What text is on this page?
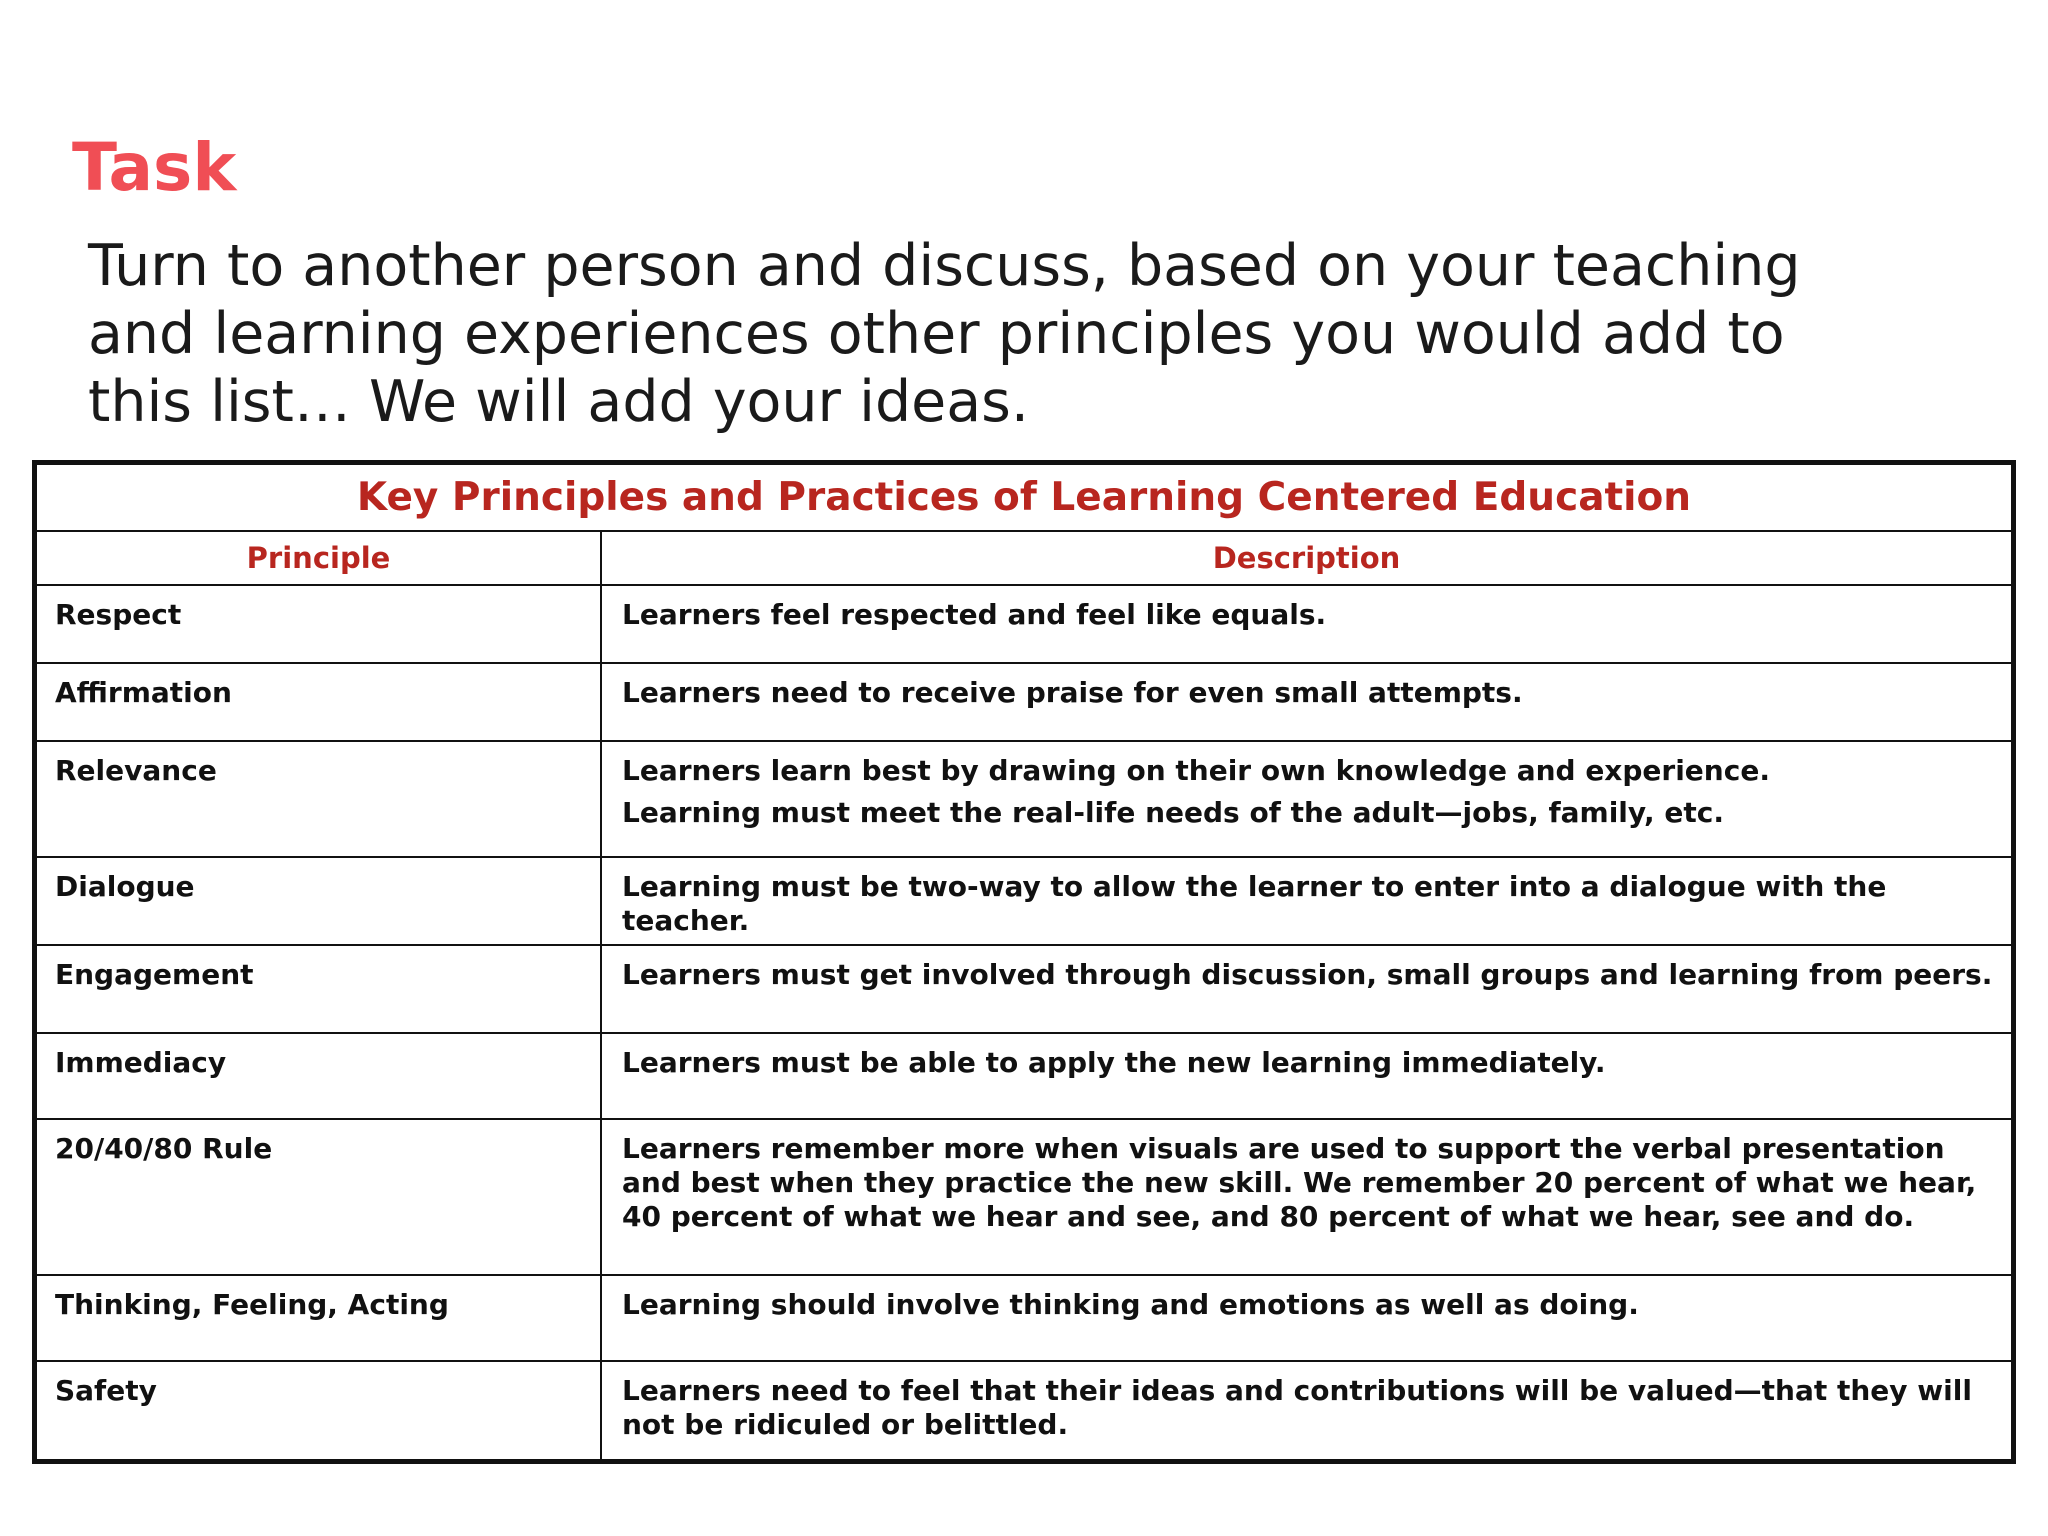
Task

Turn to another person and discuss, based on your teaching
and learning experiences other principles you would add to
this list… We will add your ideas.

Key Principles and Practices of Learning Centered Education	
Principle	Description
Respect	Learners feel respected and feel like equals.

Affirmation	Learners need to receive praise for even small attempts.

Relevance	Learners learn best by drawing on their own knowledge and experience.
Learning must meet the real-life needs of the adult—jobs, family, etc.

Dialogue	Learning must be two-way to allow the learner to enter into a dialogue with the teacher.

Engagement	Learners must get involved through discussion, small groups and learning from peers.

Immediacy	Learners must be able to apply the new learning immediately.

20/40/80 Rule	Learners remember more when visuals are used to support the verbal presentation and best when they practice the new skill. We remember 20 percent of what we hear, 40 percent of what we hear and see, and 80 percent of what we hear, see and do.

Thinking, Feeling, Acting	Learning should involve thinking and emotions as well as doing.

Safety	Learners need to feel that their ideas and contributions will be valued—that they will not be ridiculed or belittled.
